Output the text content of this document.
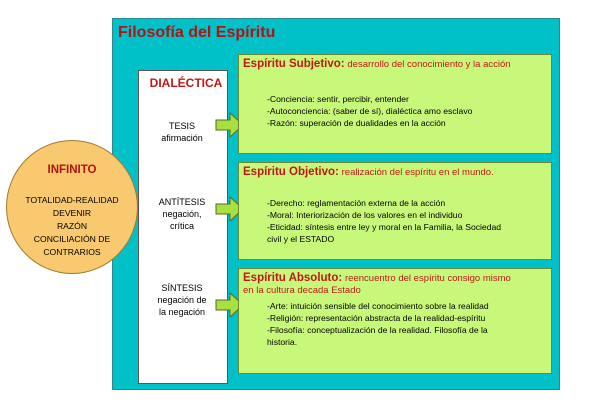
Filosofía del Espíritu
DIALÉCTICA
TESIS
afirmación
ANTÍTESIS
negación,
crítica
SÍNTESIS
negación de
la negación
Espíritu Subjetivo: desarrollo del conocimiento y la acción
-Conciencia: sentir, percibir, entender
-Autoconciencia: (saber de sí), dialéctica amo esclavo
-Razón: superación de dualidades en la acción
Espíritu Objetivo: realización del espíritu en el mundo.
-Derecho: reglamentación externa de la acción
-Moral: Interiorización de los valores en el individuo
-Eticidad: síntesis entre ley y moral en la Familia, la Sociedad
civil y el ESTADO
Espíritu Absoluto: reencuentro del espíritu consigo mismo
en la cultura decada Estado
-Arte: intuición sensible del conocimiento sobre la realidad
-Religión: representación abstracta de la realidad-espíritu
-Filosofía: conceptualización de la realidad. Filosofía de la
historia.
INFINITO
TOTALIDAD-REALIDAD
DEVENIR
RAZÓN
CONCILIACIÓN DE
CONTRARIOS
